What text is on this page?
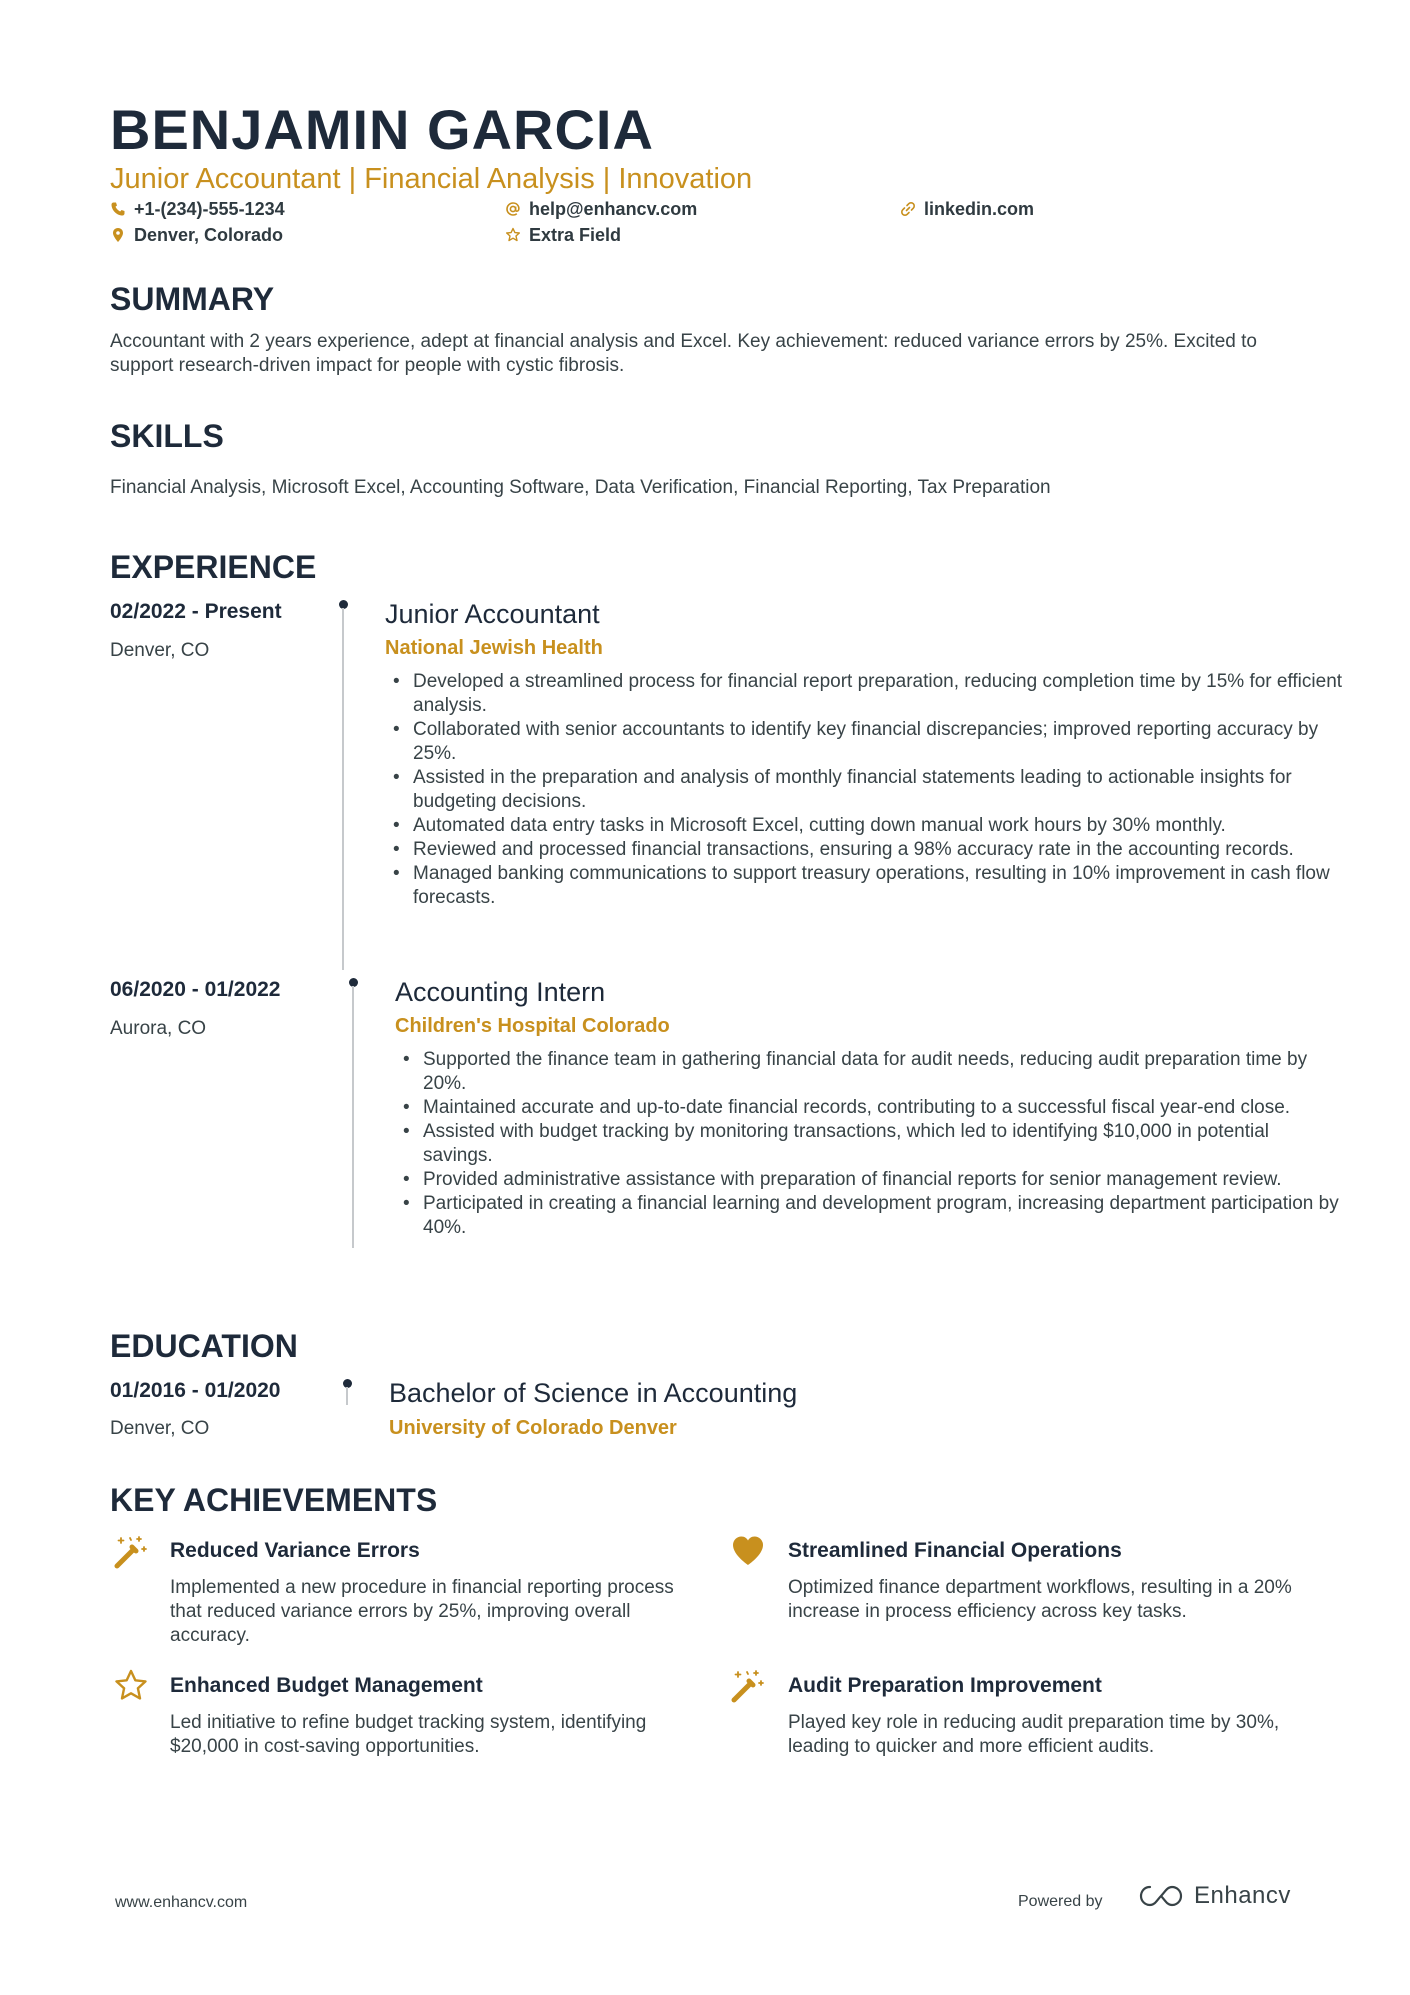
BENJAMIN GARCIA
Junior Accountant | Financial Analysis | Innovation
+1-(234)-555-1234	help@enhancv.com	linkedin.com
Denver, Colorado	Extra Field
SUMMARY
Accountant with 2 years experience, adept at financial analysis and Excel. Key achievement: reduced variance errors by 25%. Excited to support research-driven impact for people with cystic fibrosis.
SKILLS
Financial Analysis, Microsoft Excel, Accounting Software, Data Verification, Financial Reporting, Tax Preparation
EXPERIENCE
02/2022 - Present
Denver, CO
Junior Accountant
National Jewish Health
• Developed a streamlined process for financial report preparation, reducing completion time by 15% for efficient analysis.
• Collaborated with senior accountants to identify key financial discrepancies; improved reporting accuracy by 25%.
• Assisted in the preparation and analysis of monthly financial statements leading to actionable insights for budgeting decisions.
• Automated data entry tasks in Microsoft Excel, cutting down manual work hours by 30% monthly.
• Reviewed and processed financial transactions, ensuring a 98% accuracy rate in the accounting records.
• Managed banking communications to support treasury operations, resulting in 10% improvement in cash flow forecasts.
06/2020 - 01/2022
Aurora, CO
Accounting Intern
Children's Hospital Colorado
• Supported the finance team in gathering financial data for audit needs, reducing audit preparation time by 20%.
• Maintained accurate and up-to-date financial records, contributing to a successful fiscal year-end close.
• Assisted with budget tracking by monitoring transactions, which led to identifying $10,000 in potential savings.
• Provided administrative assistance with preparation of financial reports for senior management review.
• Participated in creating a financial learning and development program, increasing department participation by 40%.
EDUCATION
01/2016 - 01/2020
Denver, CO
Bachelor of Science in Accounting
University of Colorado Denver
KEY ACHIEVEMENTS
Reduced Variance Errors
Implemented a new procedure in financial reporting process that reduced variance errors by 25%, improving overall accuracy.
Streamlined Financial Operations
Optimized finance department workflows, resulting in a 20% increase in process efficiency across key tasks.
Enhanced Budget Management
Led initiative to refine budget tracking system, identifying $20,000 in cost-saving opportunities.
Audit Preparation Improvement
Played key role in reducing audit preparation time by 30%, leading to quicker and more efficient audits.
www.enhancv.com	Powered by	Enhancv
